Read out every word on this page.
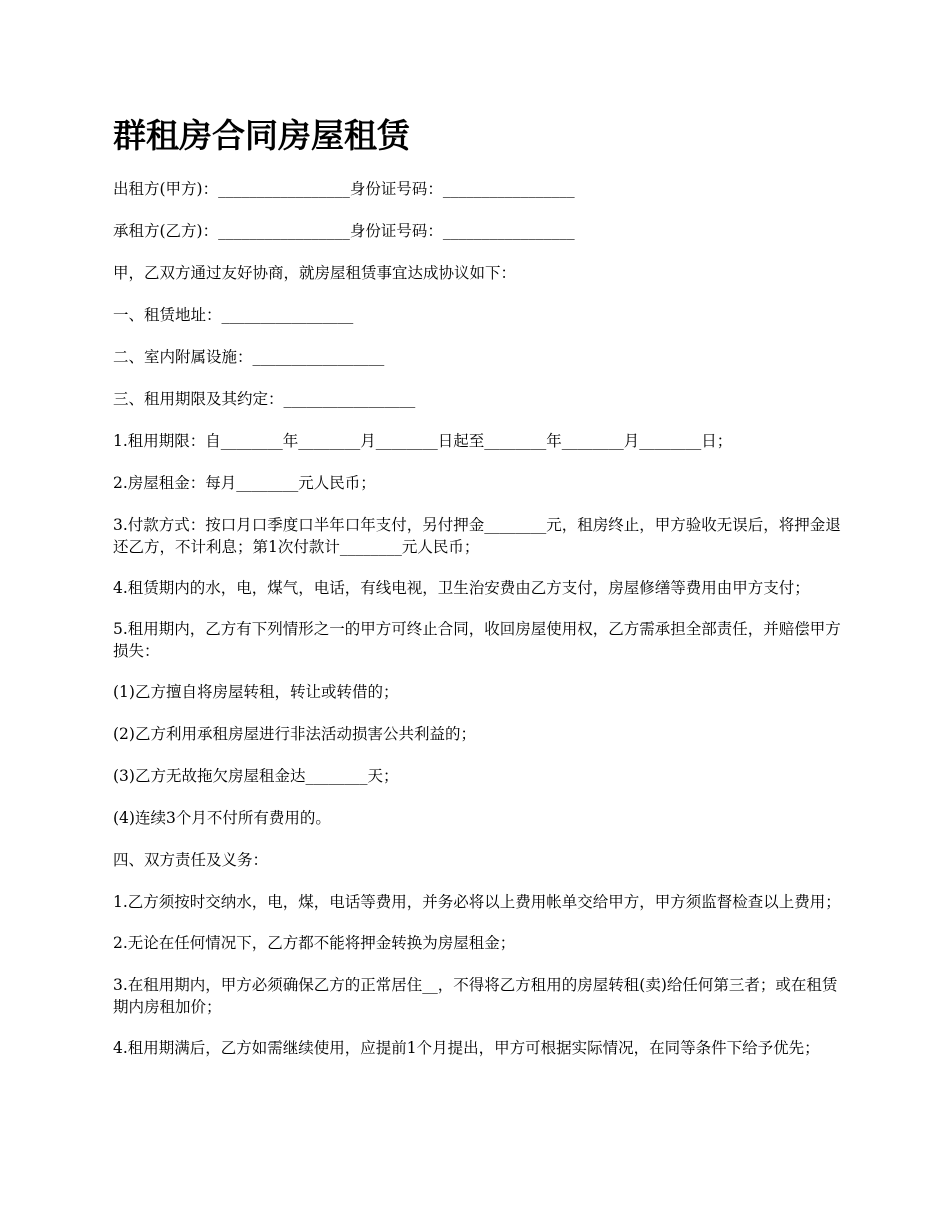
群租房合同房屋租赁

出租方(甲方)：_________________身份证号码：_________________

承租方(乙方)：_________________身份证号码：_________________

甲，乙双方通过友好协商，就房屋租赁事宜达成协议如下：

一、租赁地址：_________________

二、室内附属设施：_________________

三、租用期限及其约定：_________________

1.租用期限：自________年________月________日起至________年________月________日；

2.房屋租金：每月________元人民币；

3.付款方式：按口月口季度口半年口年支付，另付押金________元，租房终止，甲方验收无误后，将押金退还乙方，不计利息；第1次付款计________元人民币；

4.租赁期内的水，电，煤气，电话，有线电视，卫生治安费由乙方支付，房屋修缮等费用由甲方支付；

5.租用期内，乙方有下列情形之一的甲方可终止合同，收回房屋使用权，乙方需承担全部责任，并赔偿甲方损失：

(1)乙方擅自将房屋转租，转让或转借的；

(2)乙方利用承租房屋进行非法活动损害公共利益的；

(3)乙方无故拖欠房屋租金达________天；

(4)连续3个月不付所有费用的。

四、双方责任及义务：

1.乙方须按时交纳水，电，煤，电话等费用，并务必将以上费用帐单交给甲方，甲方须监督检查以上费用；

2.无论在任何情况下，乙方都不能将押金转换为房屋租金；

3.在租用期内，甲方必须确保乙方的正常居住__，不得将乙方租用的房屋转租(卖)给任何第三者；或在租赁期内房租加价；

4.租用期满后，乙方如需继续使用，应提前1个月提出，甲方可根据实际情况，在同等条件下给予优先；
